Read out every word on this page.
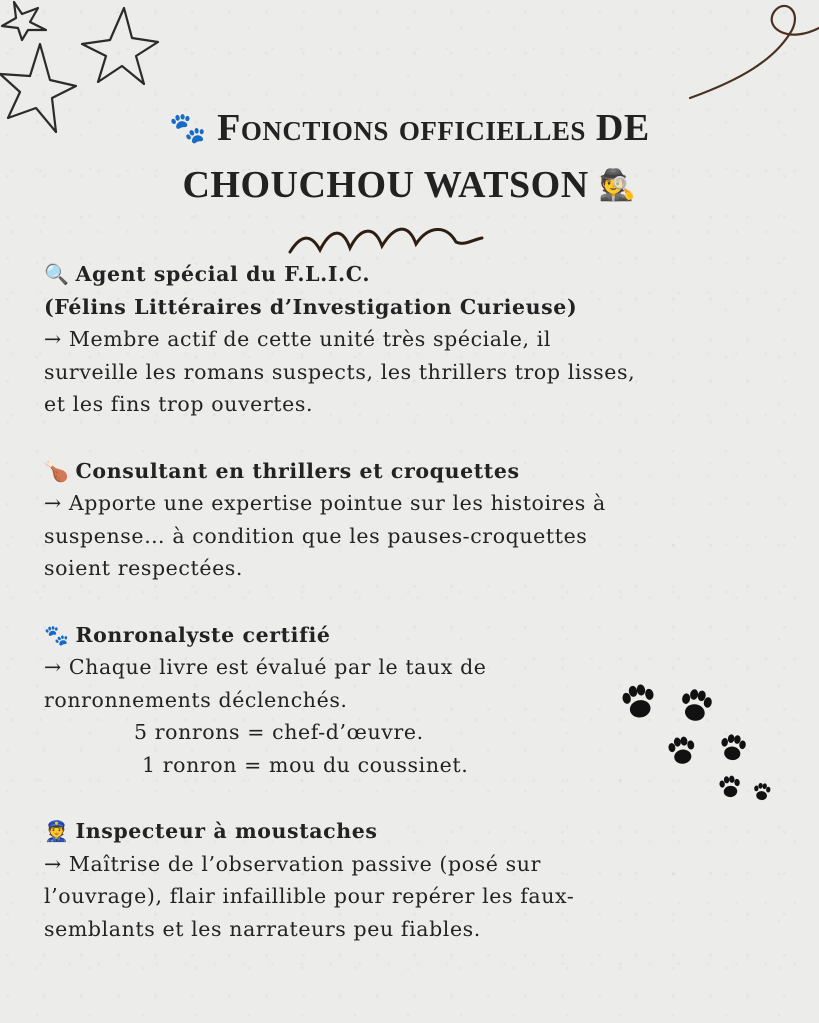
🐾 Fonctions officielles DE
CHOUCHOU WATSON 🕵
🔍 Agent spécial du F.L.I.C.
(Félins Littéraires d’Investigation Curieuse)
→ Membre actif de cette unité très spéciale, il
surveille les romans suspects, les thrillers trop lisses,
et les fins trop ouvertes.
🍗 Consultant en thrillers et croquettes
→ Apporte une expertise pointue sur les histoires à
suspense… à condition que les pauses-croquettes
soient respectées.
🐾 Ronronalyste certifié
→ Chaque livre est évalué par le taux de
ronronnements déclenchés.
5 ronrons = chef-d’œuvre.
1 ronron = mou du coussinet.
👮 Inspecteur à moustaches
→ Maîtrise de l’observation passive (posé sur
l’ouvrage), flair infaillible pour repérer les faux-
semblants et les narrateurs peu fiables.
